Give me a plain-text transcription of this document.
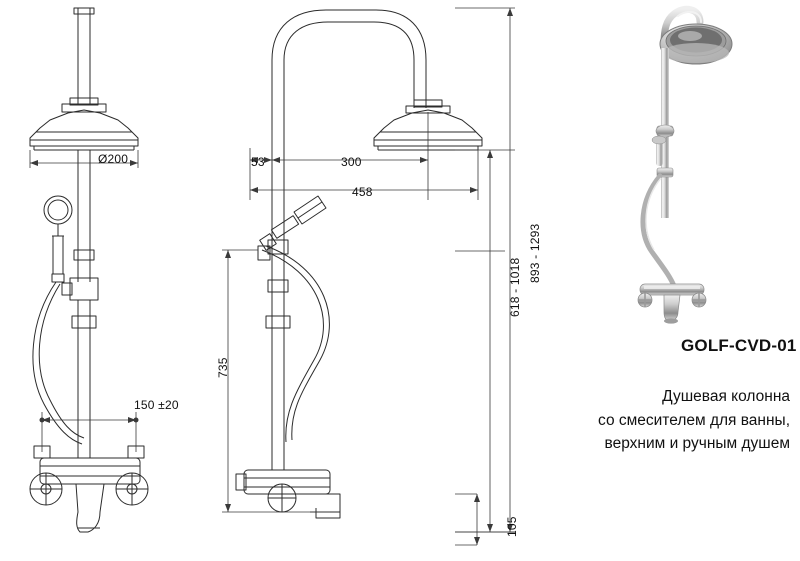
Ø200
150 ±20
53	300
458
735
893 - 1293
618 - 1018
105
GOLF-CVD-01
Душевая колонна
со смесителем для ванны,
верхним и ручным душем
